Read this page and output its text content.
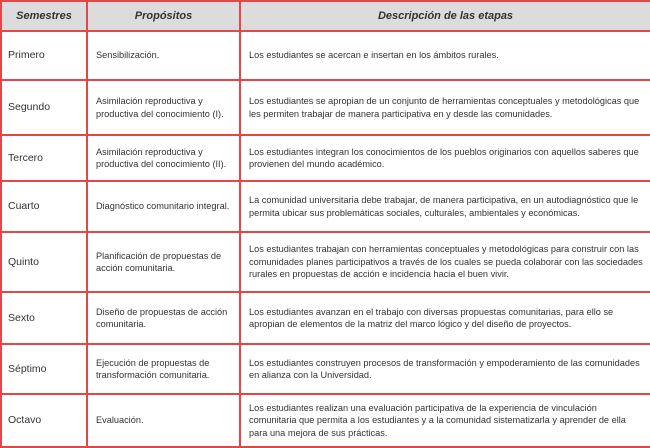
Semestres	Propósitos	Descripción de las etapas
Primero	Sensibilización.	Los estudiantes se acercan e insertan en los ámbitos rurales.
Segundo	Asimilación reproductiva y productiva del conocimiento (I).	Los estudiantes se apropian de un conjunto de herramientas conceptuales y metodológicas que les permiten trabajar de manera participativa en y desde las comunidades.
Tercero	Asimilación reproductiva y productiva del conocimiento (II).	Los estudiantes integran los conocimientos de los pueblos originarios con aquellos saberes que provienen del mundo académico.
Cuarto	Diagnóstico comunitario integral.	La comunidad universitaria debe trabajar, de manera participativa, en un autodiagnóstico que le permita ubicar sus problemáticas sociales, culturales, ambientales y económicas.
Quinto	Planificación de propuestas de acción comunitaria.	Los estudiantes trabajan con herramientas conceptuales y metodológicas para construir con las comunidades planes participativos a través de los cuales se pueda colaborar con las sociedades rurales en propuestas de acción e incidencia hacia el buen vivir.
Sexto	Diseño de propuestas de acción comunitaria.	Los estudiantes avanzan en el trabajo con diversas propuestas comunitarias, para ello se apropian de elementos de la matriz del marco lógico y del diseño de proyectos.
Séptimo	Ejecución de propuestas de transformación comunitaria.	Los estudiantes construyen procesos de transformación y empoderamiento de las comunidades en alianza con la Universidad.
Octavo	Evaluación.	Los estudiantes realizan una evaluación participativa de la experiencia de vinculación comunitaria que permita a los estudiantes y a la comunidad sistematizarla y aprender de ella para una mejora de sus prácticas.
